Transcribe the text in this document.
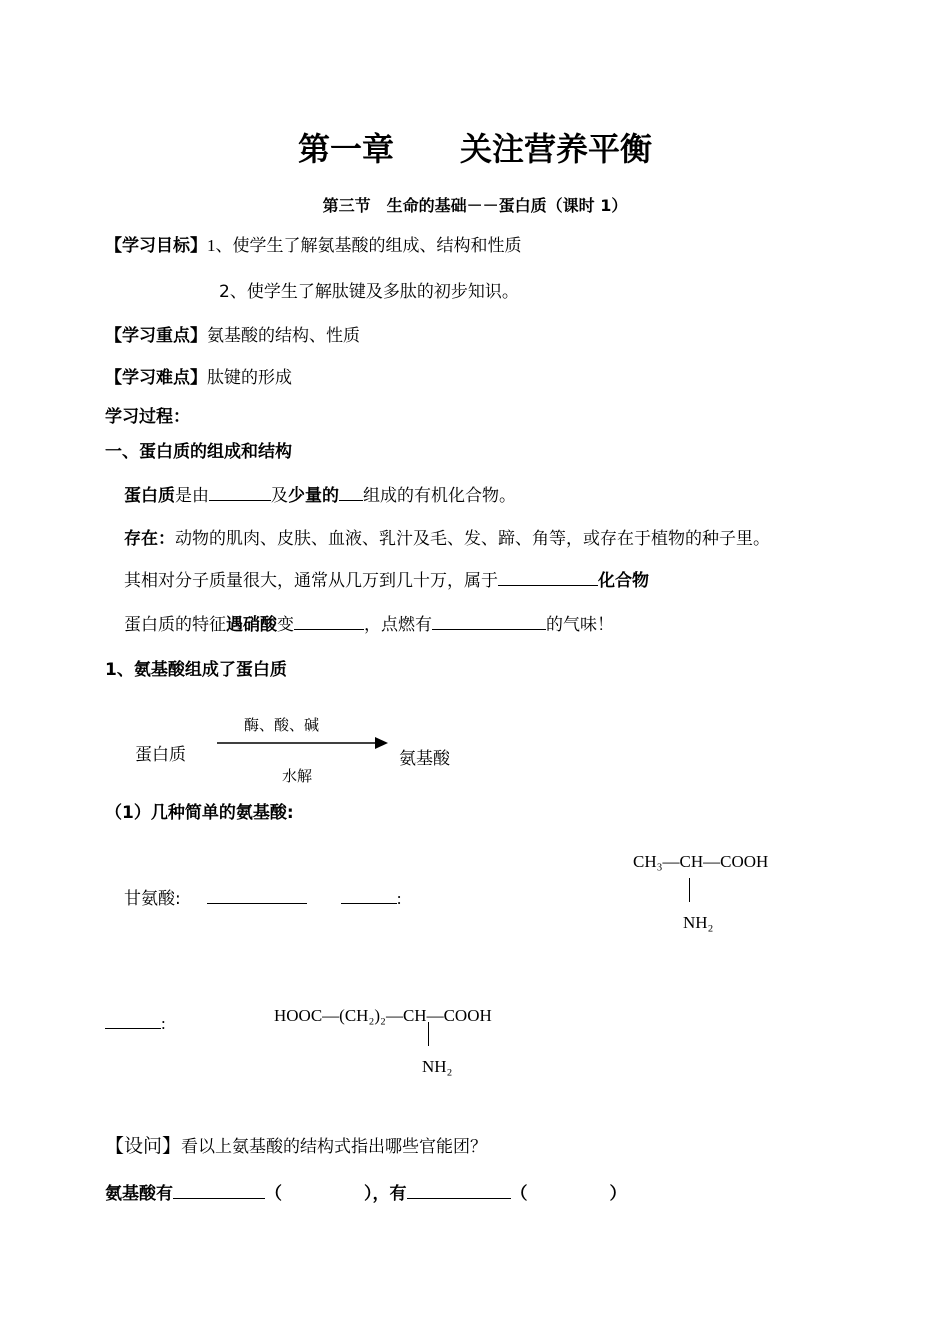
第一章 关注营养平衡
第三节　生命的基础－－蛋白质（课时 1）
【学习目标】1、使学生了解氨基酸的组成、结构和性质
2、使学生了解肽键及多肽的初步知识。
【学习重点】氨基酸的结构、性质
【学习难点】肽键的形成
学习过程：
一、蛋白质的组成和结构
蛋白质是由	及少量的 组成的有机化合物。
存在：动物的肌肉、皮肤、血液、乳汁及毛、发、蹄、角等，或存在于植物的种子里。
其相对分子质量很大，通常从几万到几十万，属于	化合物
蛋白质的特征遇硝酸变	，点燃有	的气味！
1、氨基酸组成了蛋白质
蛋白质
酶、酸、碱
水解
氨基酸
（1）几种简单的氨基酸:
CH₃—CH—COOH
NH₂
甘氨酸:	:
:	HOOC—(CH₂)₂—CH—COOH
NH₂
【设问】看以上氨基酸的结构式指出哪些官能团？
氨基酸有	（	），有	（	）
